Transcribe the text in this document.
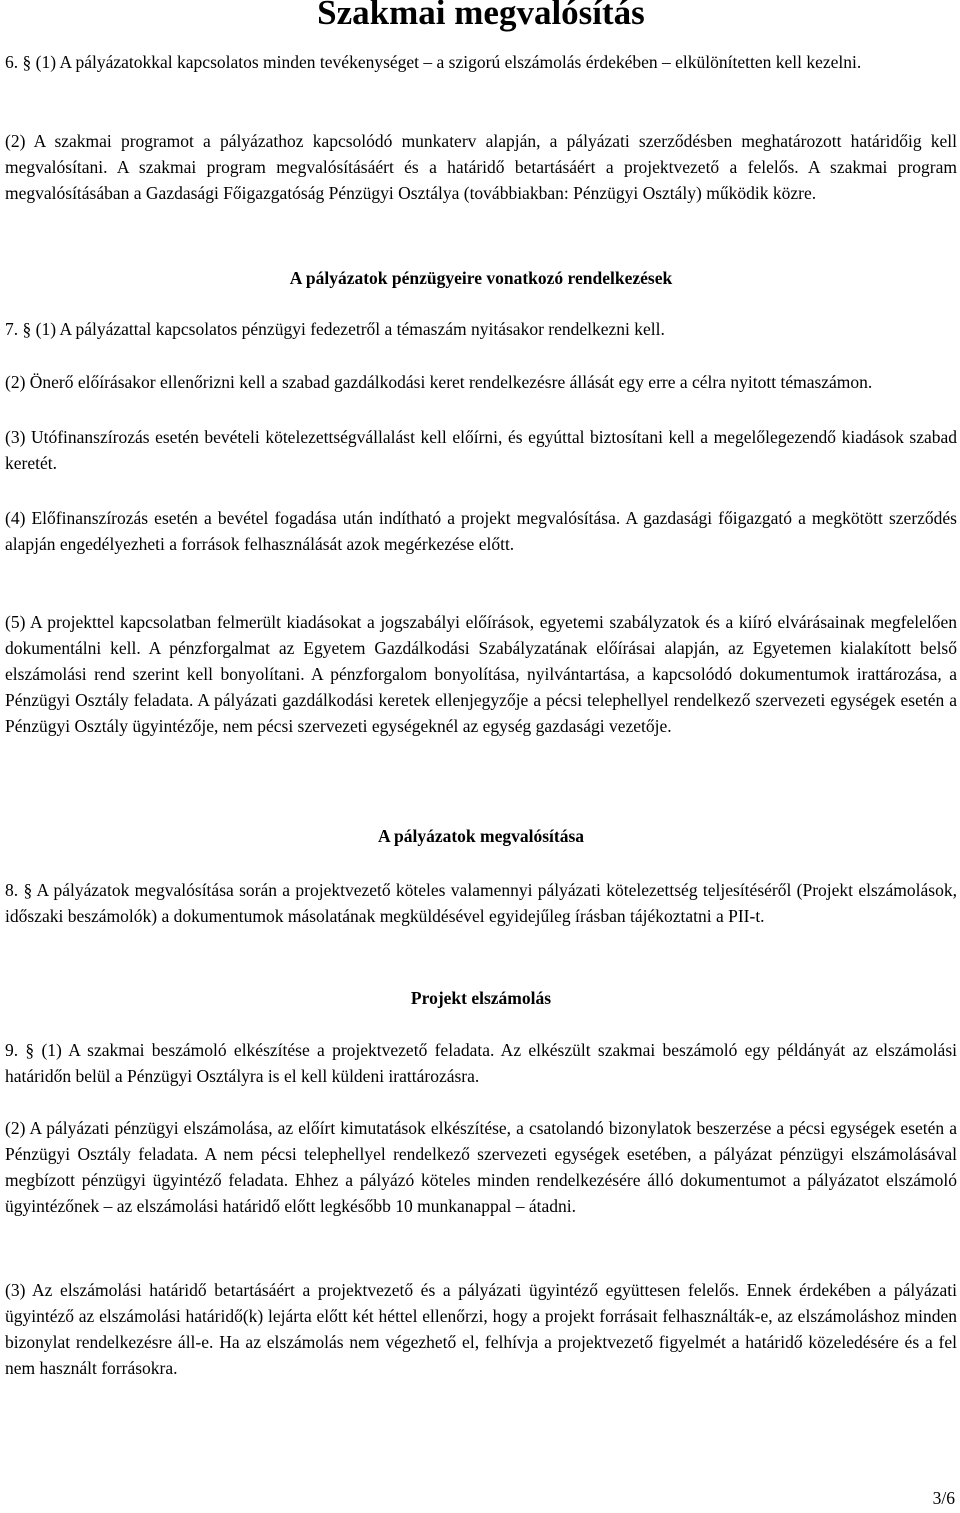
Szakmai megvalósítás

6. § (1) A pályázatokkal kapcsolatos minden tevékenységet – a szigorú elszámolás érdekében – elkülönítetten kell kezelni.

(2) A szakmai programot a pályázathoz kapcsolódó munkaterv alapján, a pályázati szerződésben meghatározott határidőig kell megvalósítani. A szakmai program megvalósításáért és a határidő betartásáért a projektvezető a felelős. A szakmai program megvalósításában a Gazdasági Főigazgatóság Pénzügyi Osztálya (továbbiakban: Pénzügyi Osztály) működik közre.

A pályázatok pénzügyeire vonatkozó rendelkezések

7. § (1) A pályázattal kapcsolatos pénzügyi fedezetről a témaszám nyitásakor rendelkezni kell.

(2) Önerő előírásakor ellenőrizni kell a szabad gazdálkodási keret rendelkezésre állását egy erre a célra nyitott témaszámon.

(3) Utófinanszírozás esetén bevételi kötelezettségvállalást kell előírni, és egyúttal biztosítani kell a megelőlegezendő kiadások szabad keretét.

(4) Előfinanszírozás esetén a bevétel fogadása után indítható a projekt megvalósítása. A gazdasági főigazgató a megkötött szerződés alapján engedélyezheti a források felhasználását azok megérkezése előtt.

(5) A projekttel kapcsolatban felmerült kiadásokat a jogszabályi előírások, egyetemi szabályzatok és a kiíró elvárásainak megfelelően dokumentálni kell. A pénzforgalmat az Egyetem Gazdálkodási Szabályzatának előírásai alapján, az Egyetemen kialakított belső elszámolási rend szerint kell bonyolítani. A pénzforgalom bonyolítása, nyilvántartása, a kapcsolódó dokumentumok irattározása, a Pénzügyi Osztály feladata. A pályázati gazdálkodási keretek ellenjegyzője a pécsi telephellyel rendelkező szervezeti egységek esetén a Pénzügyi Osztály ügyintézője, nem pécsi szervezeti egységeknél az egység gazdasági vezetője.

A pályázatok megvalósítása

8. § A pályázatok megvalósítása során a projektvezető köteles valamennyi pályázati kötelezettség teljesítéséről (Projekt elszámolások, időszaki beszámolók) a dokumentumok másolatának megküldésével egyidejűleg írásban tájékoztatni a PII-t.

Projekt elszámolás

9. § (1) A szakmai beszámoló elkészítése a projektvezető feladata. Az elkészült szakmai beszámoló egy példányát az elszámolási határidőn belül a Pénzügyi Osztályra is el kell küldeni irattározásra.

(2) A pályázati pénzügyi elszámolása, az előírt kimutatások elkészítése, a csatolandó bizonylatok beszerzése a pécsi egységek esetén a Pénzügyi Osztály feladata. A nem pécsi telephellyel rendelkező szervezeti egységek esetében, a pályázat pénzügyi elszámolásával megbízott pénzügyi ügyintéző feladata. Ehhez a pályázó köteles minden rendelkezésére álló dokumentumot a pályázatot elszámoló ügyintézőnek – az elszámolási határidő előtt legkésőbb 10 munkanappal – átadni.

(3) Az elszámolási határidő betartásáért a projektvezető és a pályázati ügyintéző együttesen felelős. Ennek érdekében a pályázati ügyintéző az elszámolási határidő(k) lejárta előtt két héttel ellenőrzi, hogy a projekt forrásait felhasználták-e, az elszámoláshoz minden bizonylat rendelkezésre áll-e. Ha az elszámolás nem végezhető el, felhívja a projektvezető figyelmét a határidő közeledésére és a fel nem használt forrásokra.

3/6
